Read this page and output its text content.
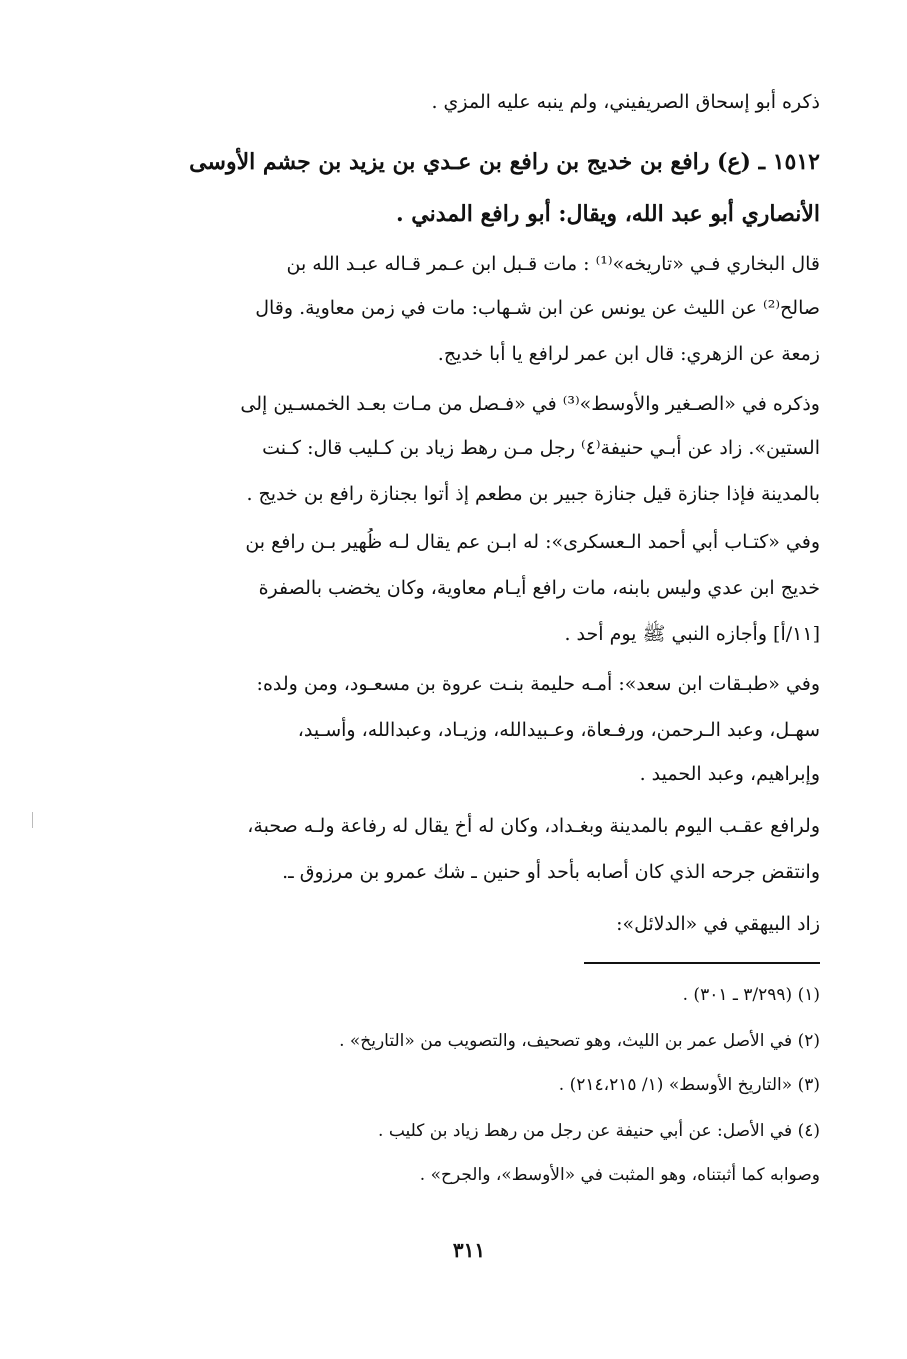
ذكره أبو إسحاق الصريفيني، ولم ينبه عليه المزي .
١٥١٢ ـ (ع) رافع بن خديج بن رافع بن عـدي بن يزيد بن جشم الأوسى
الأنصاري أبو عبد الله، ويقال: أبو رافع المدني .
قال البخاري فـي «تاريخه»⁽¹⁾ : مات قـبل ابن عـمر قـاله عبـد الله بن
صالح⁽²⁾ عن الليث عن يونس عن ابن شـهاب: مات في زمن معاوية. وقال
زمعة عن الزهري: قال ابن عمر لرافع يا أبا خديج.
وذكره في «الصـغير والأوسط»⁽³⁾ في «فـصل من مـات بعـد الخمسـين إلى
الستين». زاد عن أبـي حنيفة⁽٤⁾ رجل مـن رهط زياد بن كـليب قال: كـنت
بالمدينة فإذا جنازة قيل جنازة جبير بن مطعم إذ أتوا بجنازة رافع بن خديج .
وفي «كتـاب أبي أحمد الـعسكرى»: له ابـن عم يقال لـه ظُهير بـن رافع بن
خديج ابن عدي وليس بابنه، مات رافع أيـام معاوية، وكان يخضب بالصفرة
[١١/أ] وأجازه النبي ﷺ يوم أحد .
وفي «طبـقات ابن سعد»: أمـه حليمة بنـت عروة بن مسعـود، ومن ولده:
سهـل، وعبد الـرحمن، ورفـعاة، وعـبيدالله، وزيـاد، وعبدالله، وأسـيد،
وإبراهيم، وعبد الحميد .
ولرافع عقـب اليوم بالمدينة وبغـداد، وكان له أخ يقال له رفاعة ولـه صحبة،
وانتقض جرحه الذي كان أصابه بأحد أو حنين ـ شك عمرو بن مرزوق ـ.
زاد البيهقي في «الدلائل»:
(١) (٣/٢٩٩ ـ ٣٠١) .
(٢) في الأصل عمر بن الليث، وهو تصحيف، والتصويب من «التاريخ» .
(٣) «التاريخ الأوسط» (١/ ٢١٤،٢١٥) .
(٤) في الأصل: عن أبي حنيفة عن رجل من رهط زياد بن كليب .
وصوابه كما أثبتناه، وهو المثبت في «الأوسط»، والجرح» .
٣١١
